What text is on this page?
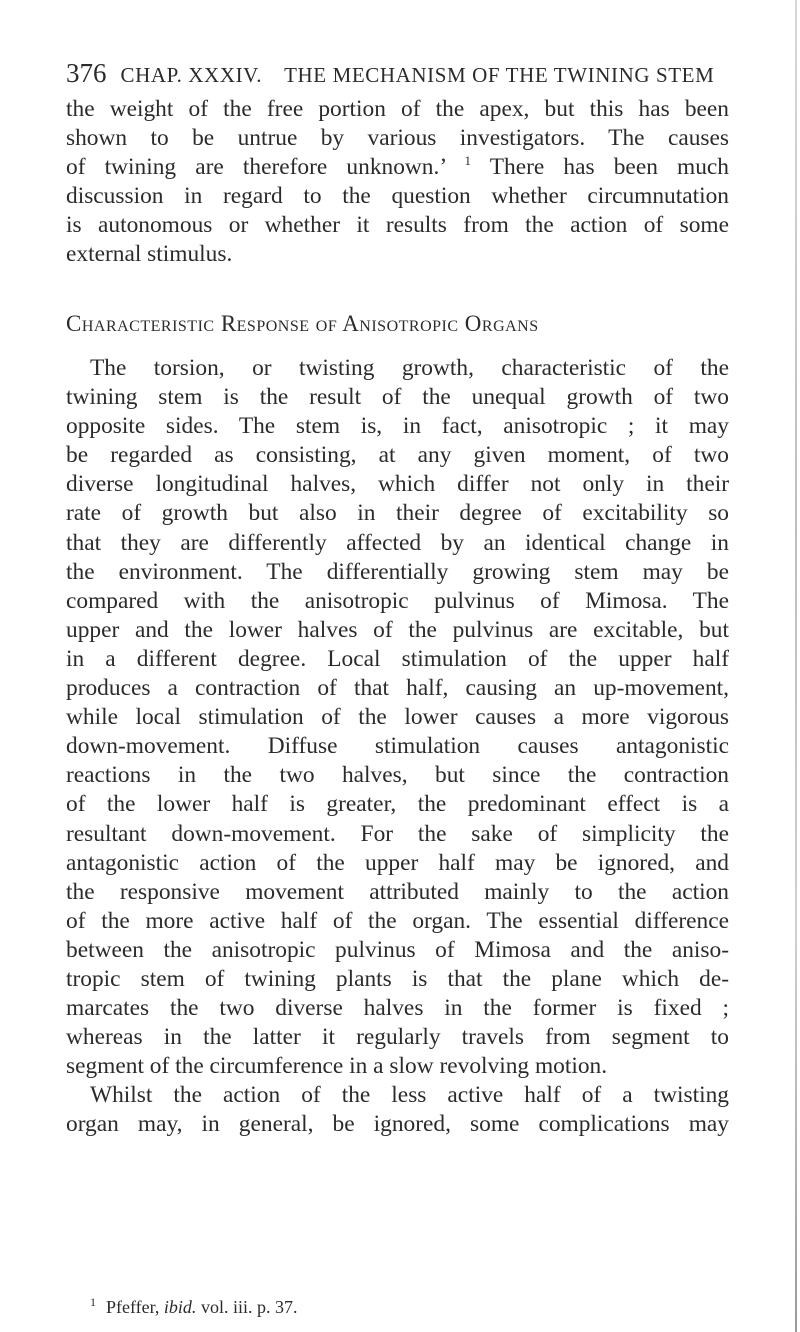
376 CHAP. XXXIV. THE MECHANISM OF THE TWINING STEM
the weight of the free portion of the apex, but this has been
shown to be untrue by various investigators. The causes
of twining are therefore unknown.’ $^1$ There has been much
discussion in regard to the question whether circumnutation
is autonomous or whether it results from the action of some
external stimulus.
Characteristic Response of Anisotropic Organs
The torsion, or twisting growth, characteristic of the
twining stem is the result of the unequal growth of two
opposite sides. The stem is, in fact, anisotropic ; it may
be regarded as consisting, at any given moment, of two
diverse longitudinal halves, which differ not only in their
rate of growth but also in their degree of excitability so
that they are differently affected by an identical change in
the environment. The differentially growing stem may be
compared with the anisotropic pulvinus of Mimosa. The
upper and the lower halves of the pulvinus are excitable, but
in a different degree. Local stimulation of the upper half
produces a contraction of that half, causing an up-movement,
while local stimulation of the lower causes a more vigorous
down-movement. Diffuse stimulation causes antagonistic
reactions in the two halves, but since the contraction
of the lower half is greater, the predominant effect is a
resultant down-movement. For the sake of simplicity the
antagonistic action of the upper half may be ignored, and
the responsive movement attributed mainly to the action
of the more active half of the organ. The essential difference
between the anisotropic pulvinus of Mimosa and the aniso-
tropic stem of twining plants is that the plane which de-
marcates the two diverse halves in the former is fixed ;
whereas in the latter it regularly travels from segment to
segment of the circumference in a slow revolving motion.
Whilst the action of the less active half of a twisting
organ may, in general, be ignored, some complications may
$^1$ Pfeffer, ibid. vol. iii. p. 37.
